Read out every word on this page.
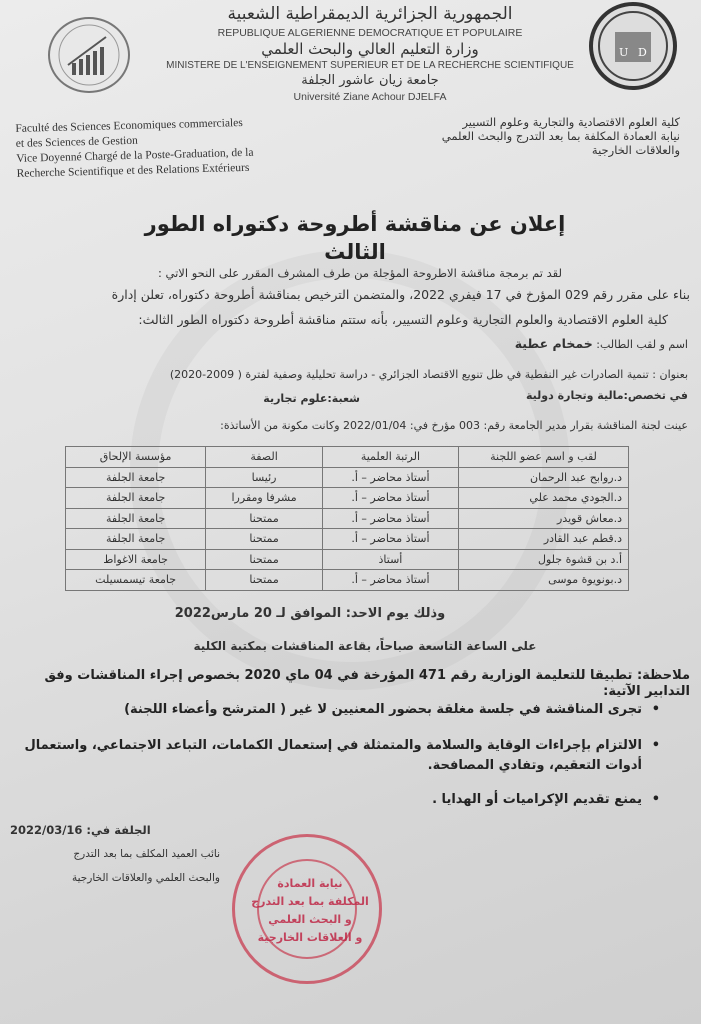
U D
الجمهورية الجزائرية الديمقراطية الشعبية
REPUBLIQUE ALGERIENNE DEMOCRATIQUE ET POPULAIRE
وزارة التعليم العالي والبحث العلمي
MINISTERE DE L'ENSEIGNEMENT SUPERIEUR ET DE LA RECHERCHE SCIENTIFIQUE
جامعة زيان عاشور الجلفة
Université Ziane Achour DJELFA
Faculté des Sciences Economiques commerciales
et des Sciences de Gestion
Vice Doyenné Chargé de la Poste-Graduation, de la
Recherche Scientifique et des Relations Extérieurs
كلية العلوم الاقتصادية والتجارية وعلوم التسيير
نيابة العمادة المكلفة بما بعد التدرج والبحث العلمي
والعلاقات الخارجية
إعلان عن مناقشة أطروحة دكتوراه الطور الثالث
لقد تم برمجة مناقشة الاطروحة المؤجلة من طرف المشرف المقرر على النحو الاتي :
بناء على مقرر رقم 029 المؤرخ في 17 فيفري 2022، والمتضمن الترخيص بمناقشة أطروحة دكتوراه، تعلن إدارة
كلية العلوم الاقتصادية والعلوم التجارية وعلوم التسيير، بأنه ستتم مناقشة أطروحة دكتوراه الطور الثالث:
اسم و لقب الطالب: خمخام عطية
بعنوان : تنمية الصادرات غير النفطية في ظل تنويع الاقتصاد الجزائري - دراسة تحليلية وصفية لفترة ( 2009-2020)
في تخصص:مالية وتجارة دولية
شعبة:علوم تجارية
عينت لجنة المناقشة بقرار مدير الجامعة رقم: 003 مؤرخ في: 2022/01/04 وكانت مكونة من الأساتذة:
لقب و اسم عضو اللجنة	الرتبة العلمية	الصفة	مؤسسة الإلحاق
د.روابح عبد الرحمان	أستاذ محاضر – أ.	رئيسا	جامعة الجلفة
د.الجودي محمد علي	أستاذ محاضر – أ.	مشرفا ومقررا	جامعة الجلفة
د.معاش قويدر	أستاذ محاضر – أ.	ممتحنا	جامعة الجلفة
د.قطم عبد القادر	أستاذ محاضر – أ.	ممتحنا	جامعة الجلفة
أ.د بن قشوة جلول	أستاذ	ممتحنا	جامعة الاغواط
د.بونويوة موسى	أستاذ محاضر – أ.	ممتحنا	جامعة تيسمسيلت
وذلك يوم الاحد: الموافق لـ 20 مارس2022
على الساعة التاسعة صباحاً، بقاعة المناقشات بمكتبة الكلية
ملاحظة: تطبيقا للتعليمة الوزارية رقم 471 المؤرخة في 04 ماي 2020 بخصوص إجراء المناقشات وفق التدابير الآتية:
• تجرى المناقشة في جلسة مغلقة بحضور المعنيين لا غير ( المترشح وأعضاء اللجنة)
• الالتزام بإجراءات الوقاية والسلامة والمتمثلة في إستعمال الكمامات، التباعد الاجتماعي، واستعمال أدوات التعقيم، وتفادي المصافحة.
• يمنع تقديم الإكراميات أو الهدايا .
الجلفة في: 2022/03/16
نائب العميد المكلف بما بعد التدرج
والبحث العلمي والعلاقات الخارجية	نيابة العمادة
المكلفة بما بعد التدرج
و البحث العلمي
و العلاقات الخارجية
